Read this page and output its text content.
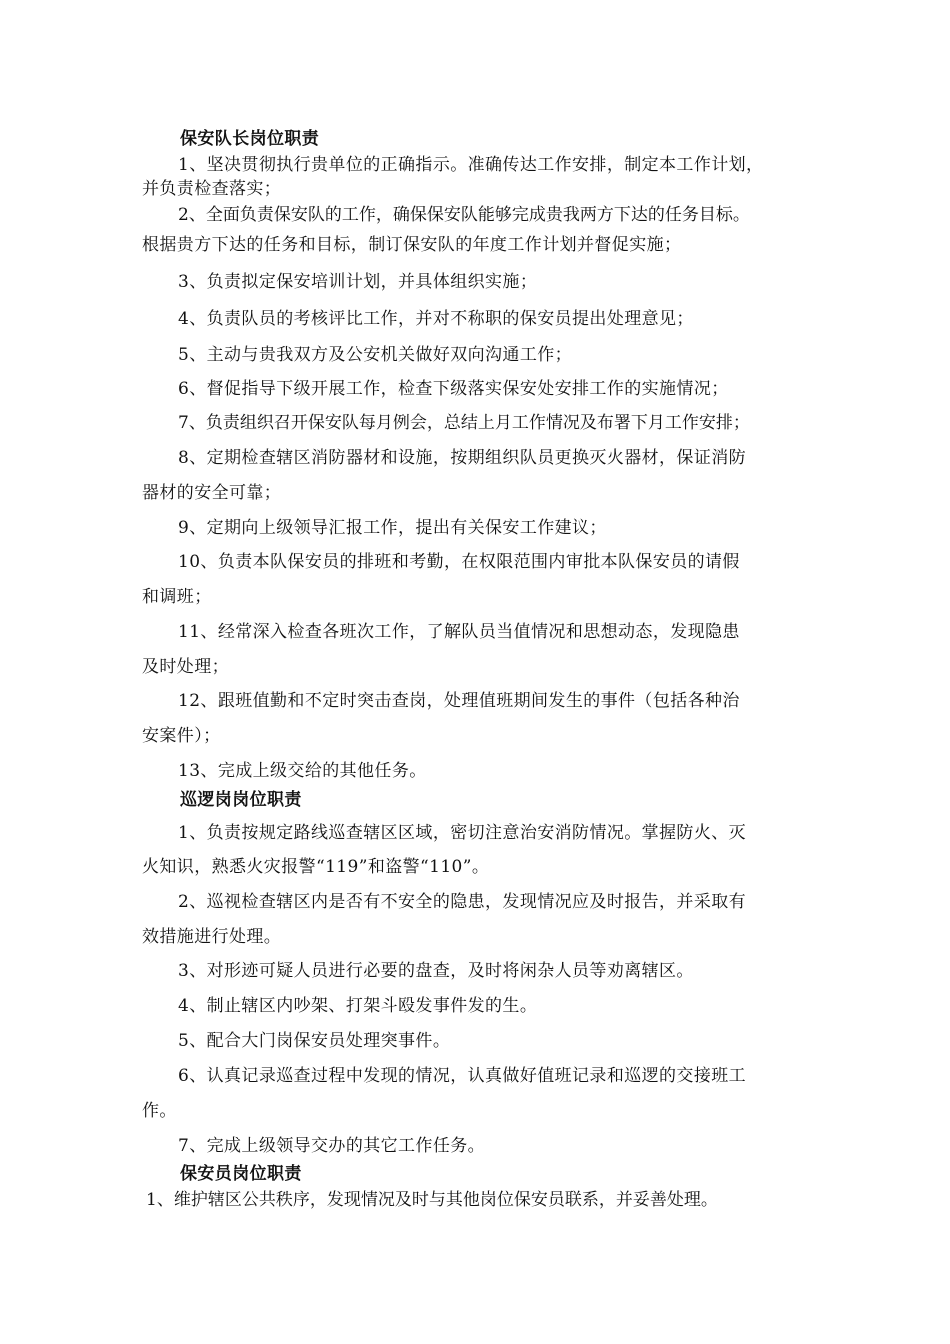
保安队长岗位职责
1、坚决贯彻执行贵单位的正确指示。准确传达工作安排，制定本工作计划，
并负责检查落实；
2、全面负责保安队的工作，确保保安队能够完成贵我两方下达的任务目标。
根据贵方下达的任务和目标，制订保安队的年度工作计划并督促实施；
3、负责拟定保安培训计划，并具体组织实施；
4、负责队员的考核评比工作，并对不称职的保安员提出处理意见；
5、主动与贵我双方及公安机关做好双向沟通工作；
6、督促指导下级开展工作，检查下级落实保安处安排工作的实施情况；
7、负责组织召开保安队每月例会，总结上月工作情况及布署下月工作安排；
8、定期检查辖区消防器材和设施，按期组织队员更换灭火器材，保证消防
器材的安全可靠；
9、定期向上级领导汇报工作，提出有关保安工作建议；
10、负责本队保安员的排班和考勤，在权限范围内审批本队保安员的请假
和调班；
11、经常深入检查各班次工作，了解队员当值情况和思想动态，发现隐患
及时处理；
12、跟班值勤和不定时突击查岗，处理值班期间发生的事件（包括各种治
安案件）；
13、完成上级交给的其他任务。
巡逻岗岗位职责
1、负责按规定路线巡查辖区区域，密切注意治安消防情况。掌握防火、灭
火知识，熟悉火灾报警“119”和盗警“110”。
2、巡视检查辖区内是否有不安全的隐患，发现情况应及时报告，并采取有
效措施进行处理。
3、对形迹可疑人员进行必要的盘查，及时将闲杂人员等劝离辖区。
4、制止辖区内吵架、打架斗殴发事件发的生。
5、配合大门岗保安员处理突事件。
6、认真记录巡查过程中发现的情况，认真做好值班记录和巡逻的交接班工
作。
7、完成上级领导交办的其它工作任务。
保安员岗位职责
1、维护辖区公共秩序，发现情况及时与其他岗位保安员联系，并妥善处理。
